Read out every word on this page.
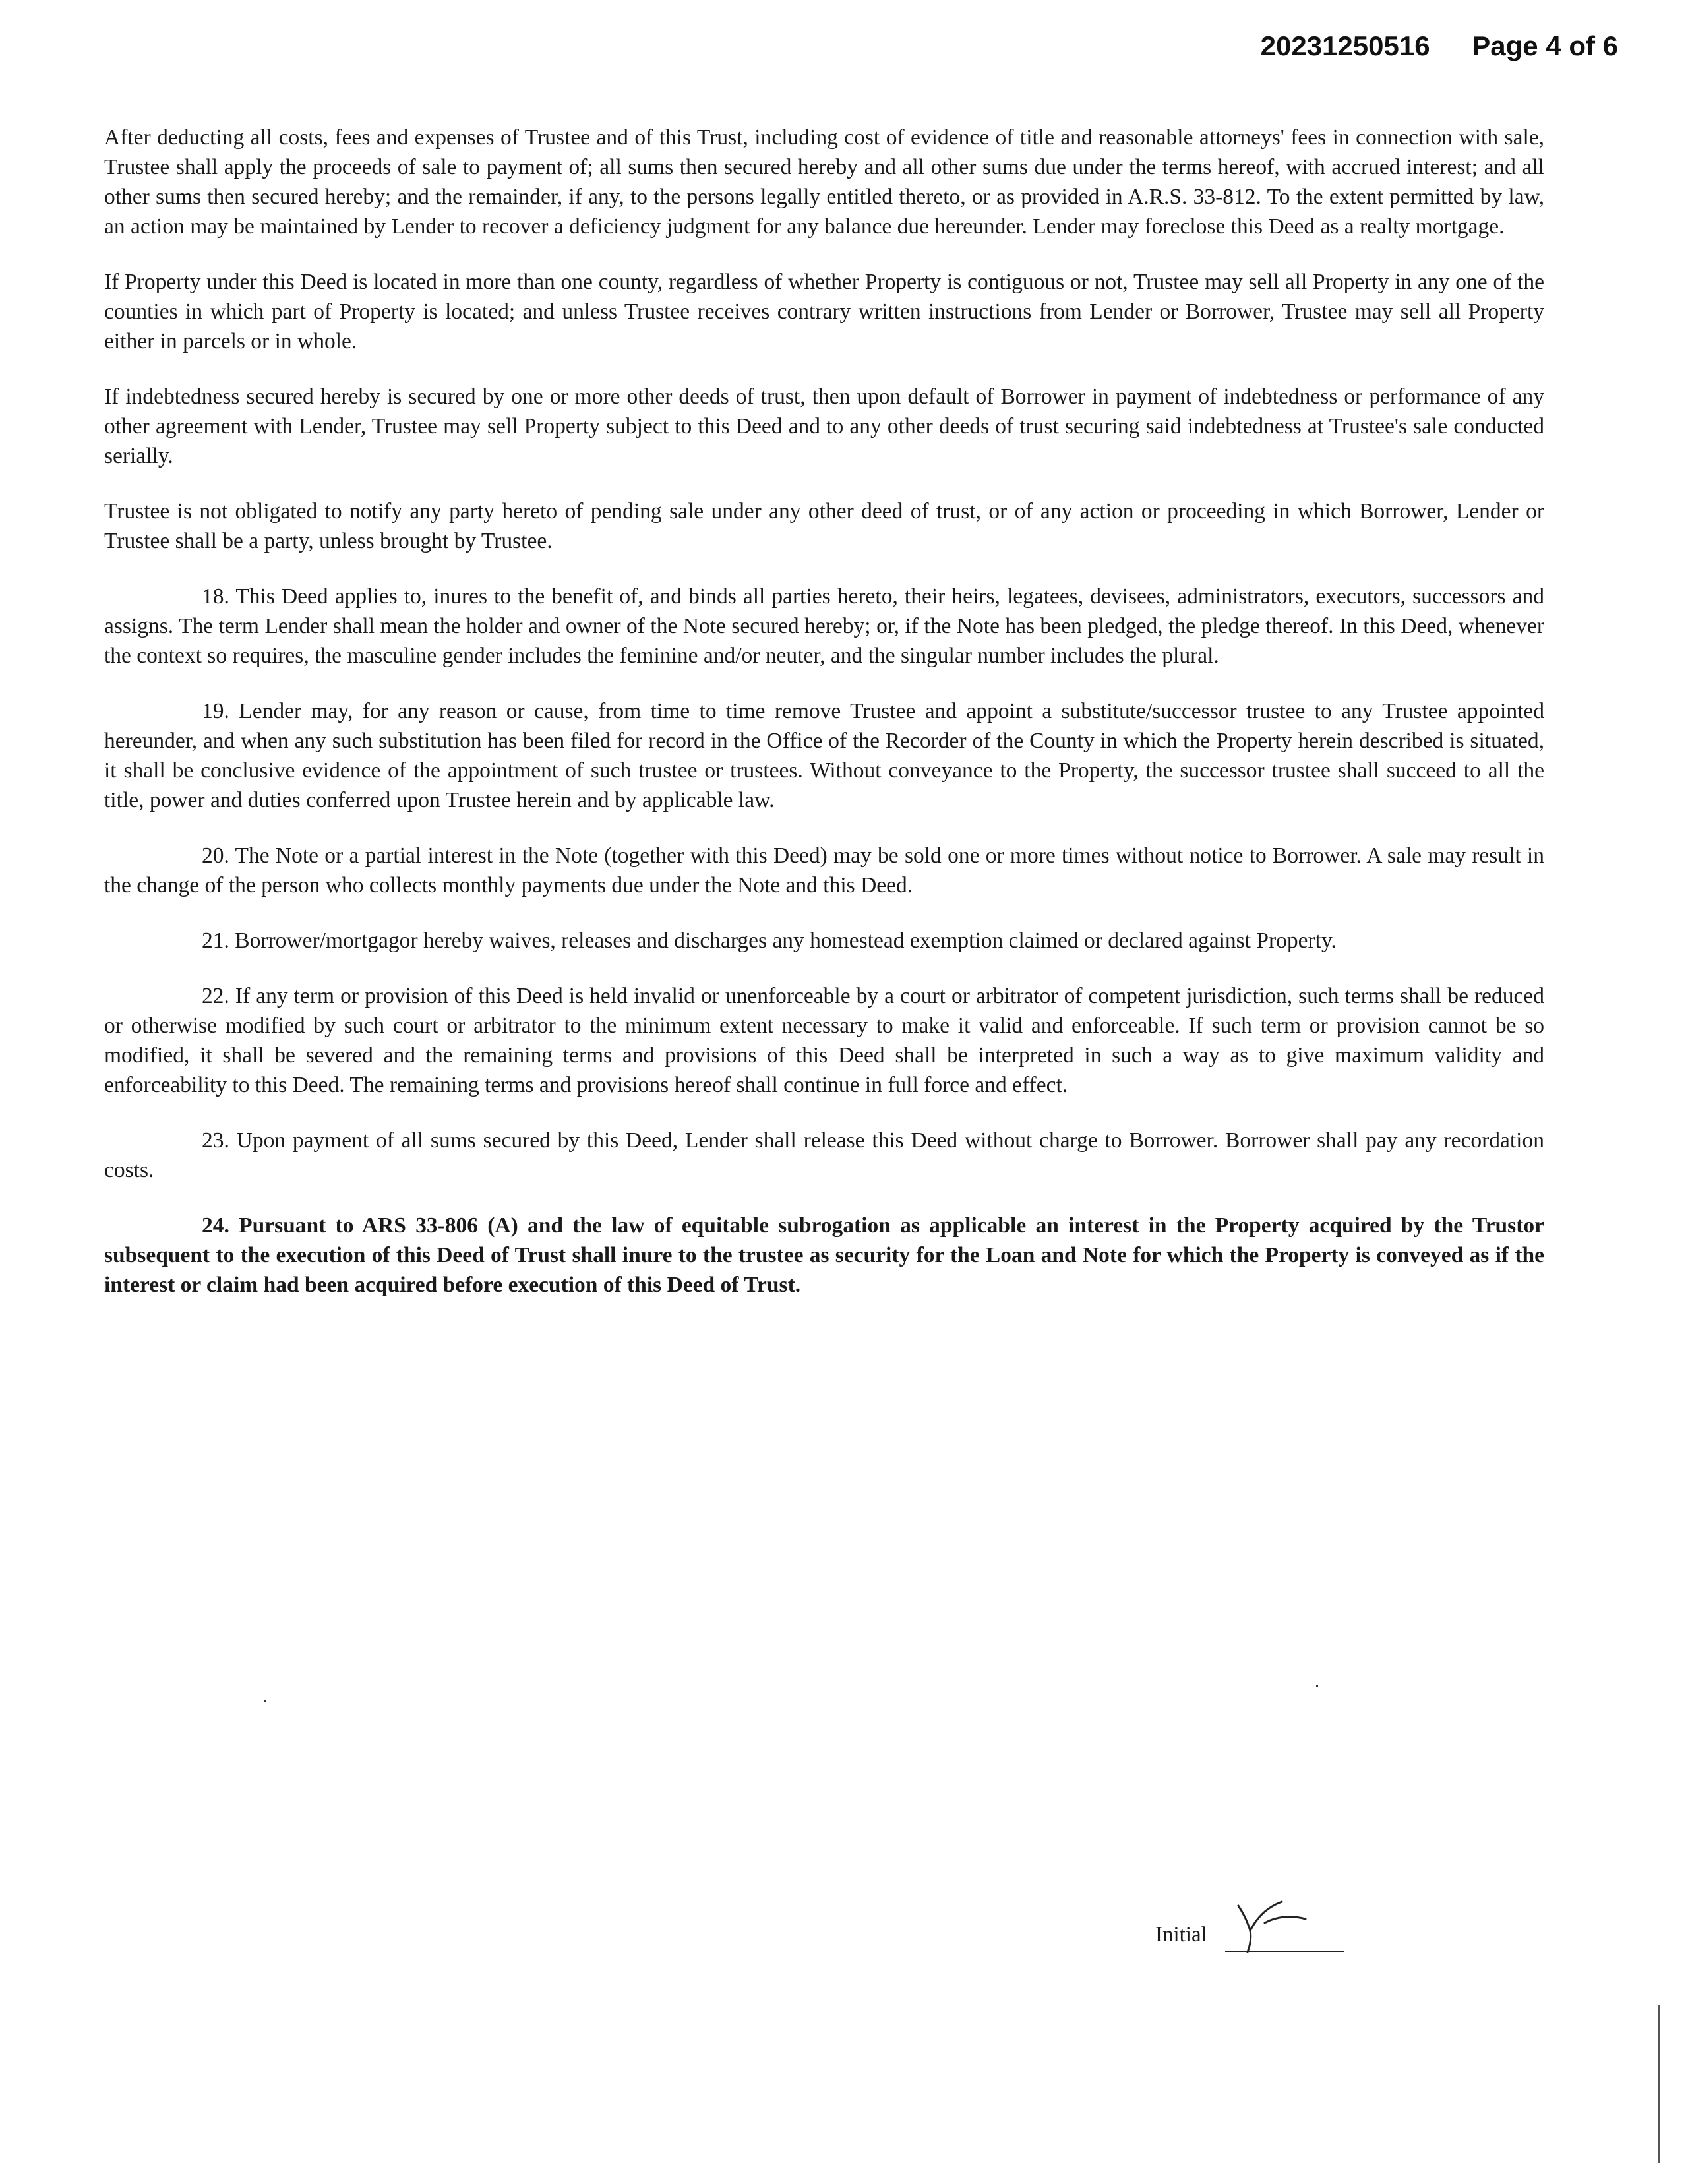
20231250516 Page 4 of 6

After deducting all costs, fees and expenses of Trustee and of this Trust, including cost of evidence of title and reasonable attorneys' fees in connection with sale, Trustee shall apply the proceeds of sale to payment of; all sums then secured hereby and all other sums due under the terms hereof, with accrued interest; and all other sums then secured hereby; and the remainder, if any, to the persons legally entitled thereto, or as provided in A.R.S. 33-812. To the extent permitted by law, an action may be maintained by Lender to recover a deficiency judgment for any balance due hereunder. Lender may foreclose this Deed as a realty mortgage.

If Property under this Deed is located in more than one county, regardless of whether Property is contiguous or not, Trustee may sell all Property in any one of the counties in which part of Property is located; and unless Trustee receives contrary written instructions from Lender or Borrower, Trustee may sell all Property either in parcels or in whole.

If indebtedness secured hereby is secured by one or more other deeds of trust, then upon default of Borrower in payment of indebtedness or performance of any other agreement with Lender, Trustee may sell Property subject to this Deed and to any other deeds of trust securing said indebtedness at Trustee's sale conducted serially.

Trustee is not obligated to notify any party hereto of pending sale under any other deed of trust, or of any action or proceeding in which Borrower, Lender or Trustee shall be a party, unless brought by Trustee.

18. This Deed applies to, inures to the benefit of, and binds all parties hereto, their heirs, legatees, devisees, administrators, executors, successors and assigns. The term Lender shall mean the holder and owner of the Note secured hereby; or, if the Note has been pledged, the pledge thereof. In this Deed, whenever the context so requires, the masculine gender includes the feminine and/or neuter, and the singular number includes the plural.

19. Lender may, for any reason or cause, from time to time remove Trustee and appoint a substitute/successor trustee to any Trustee appointed hereunder, and when any such substitution has been filed for record in the Office of the Recorder of the County in which the Property herein described is situated, it shall be conclusive evidence of the appointment of such trustee or trustees. Without conveyance to the Property, the successor trustee shall succeed to all the title, power and duties conferred upon Trustee herein and by applicable law.

20. The Note or a partial interest in the Note (together with this Deed) may be sold one or more times without notice to Borrower. A sale may result in the change of the person who collects monthly payments due under the Note and this Deed.

21. Borrower/mortgagor hereby waives, releases and discharges any homestead exemption claimed or declared against Property.

22. If any term or provision of this Deed is held invalid or unenforceable by a court or arbitrator of competent jurisdiction, such terms shall be reduced or otherwise modified by such court or arbitrator to the minimum extent necessary to make it valid and enforceable. If such term or provision cannot be so modified, it shall be severed and the remaining terms and provisions of this Deed shall be interpreted in such a way as to give maximum validity and enforceability to this Deed. The remaining terms and provisions hereof shall continue in full force and effect.

23. Upon payment of all sums secured by this Deed, Lender shall release this Deed without charge to Borrower. Borrower shall pay any recordation costs.

24. Pursuant to ARS 33-806 (A) and the law of equitable subrogation as applicable an interest in the Property acquired by the Trustor subsequent to the execution of this Deed of Trust shall inure to the trustee as security for the Loan and Note for which the Property is conveyed as if the interest or claim had been acquired before execution of this Deed of Trust.

Initial
